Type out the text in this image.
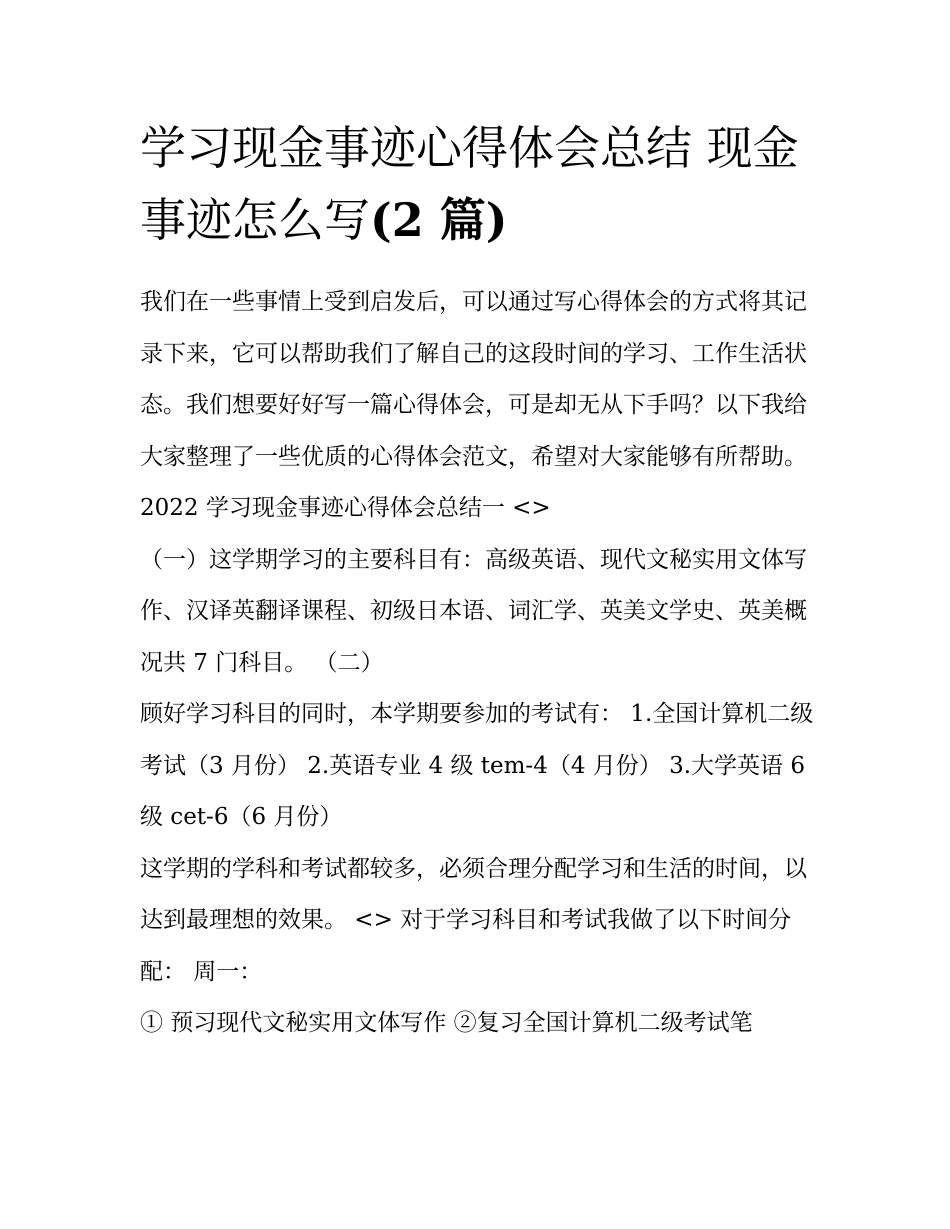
学习现金事迹心得体会总结 现金事迹怎么写(2 篇)

我们在一些事情上受到启发后，可以通过写心得体会的方式将其记录下来，它可以帮助我们了解自己的这段时间的学习、工作生活状态。我们想要好好写一篇心得体会，可是却无从下手吗？以下我给大家整理了一些优质的心得体会范文，希望对大家能够有所帮助。

2022 学习现金事迹心得体会总结一 <>

（一）这学期学习的主要科目有：高级英语、现代文秘实用文体写作、汉译英翻译课程、初级日本语、词汇学、英美文学史、英美概况共 7 门科目。 （二）

顾好学习科目的同时，本学期要参加的考试有： 1.全国计算机二级考试（3 月份） 2.英语专业 4 级 tem-4（4 月份） 3.大学英语 6 级 cet-6（6 月份）

这学期的学科和考试都较多，必须合理分配学习和生活的时间，以达到最理想的效果。 <> 对于学习科目和考试我做了以下时间分配： 周一：

① 预习现代文秘实用文体写作 ②复习全国计算机二级考试笔
